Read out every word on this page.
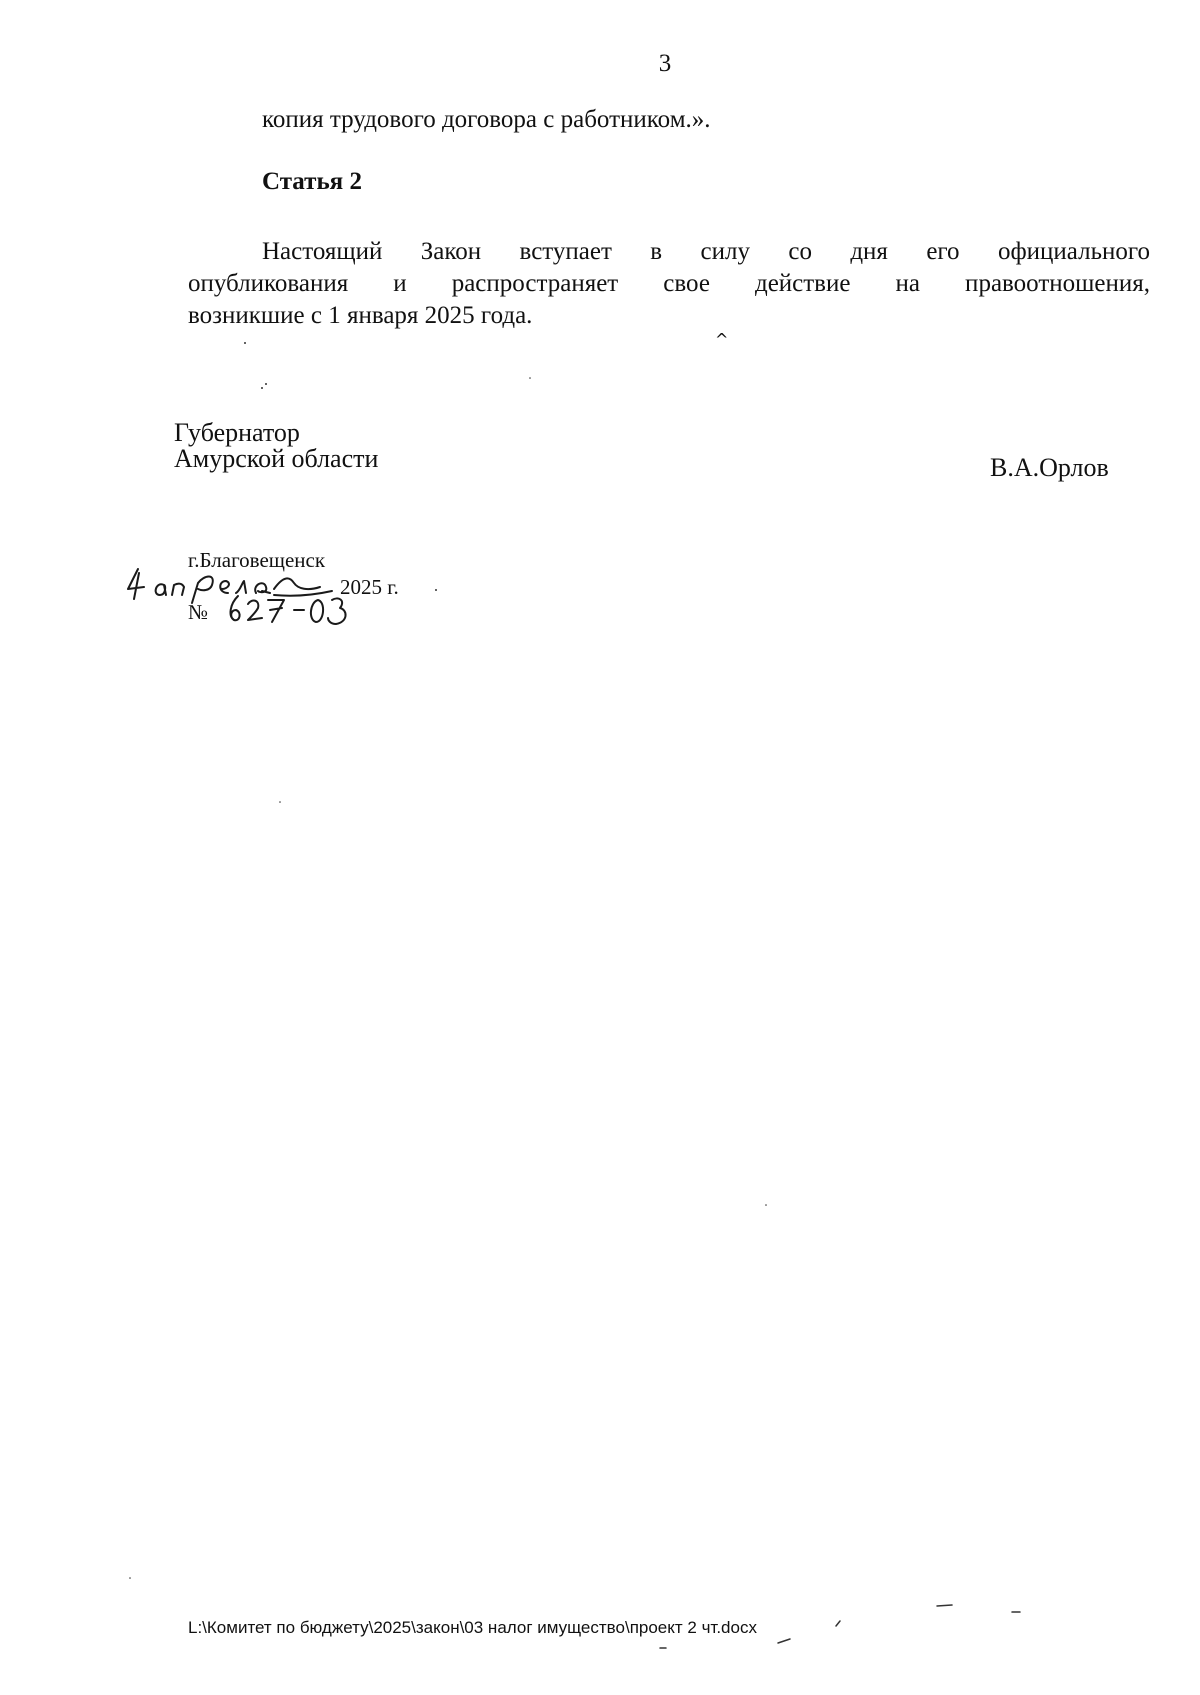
3
копия трудового договора с работником.».
Статья 2
Настоящий Закон вступает в силу со дня его официального
опубликования и распространяет свое действие на правоотношения,
возникшие с 1 января 2025 года.
^
Губернатор
Амурской области	В.А.Орлов
г.Благовещенск
2025 г.
№
L:\Комитет по бюджету\2025\закон\03 налог имущество\проект 2 чт.docx
